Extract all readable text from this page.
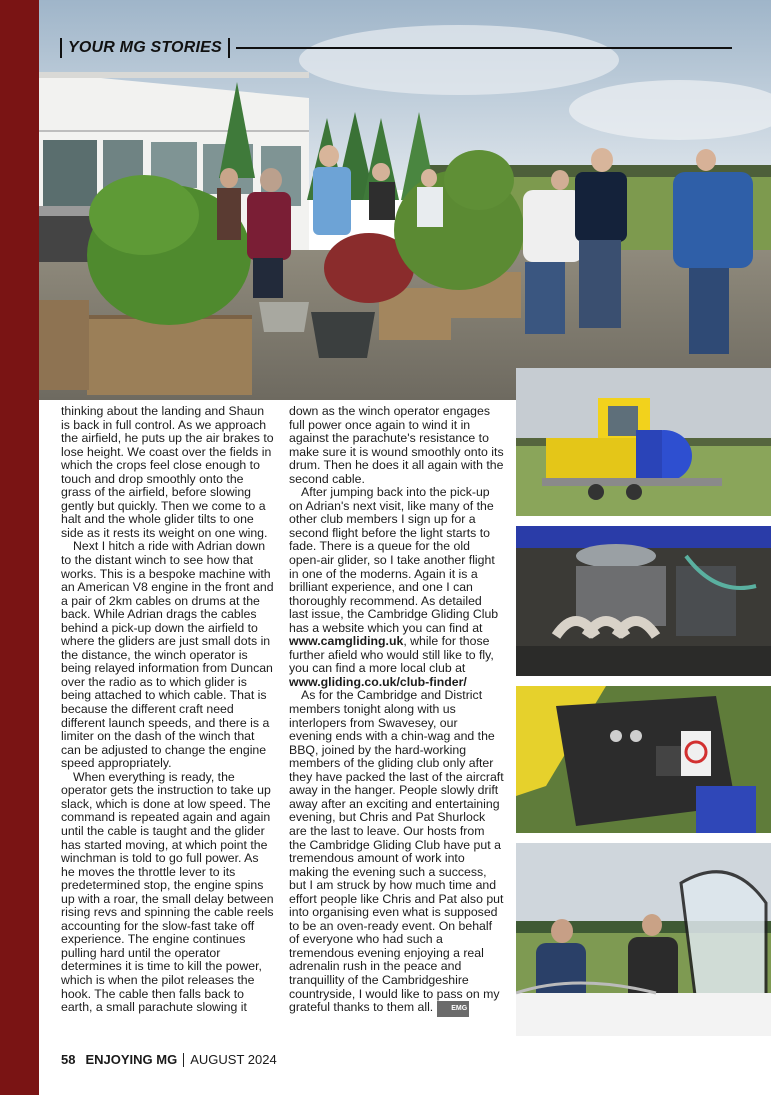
YOUR MG STORIES

thinking about the landing and Shaun is back in full control. As we approach the airfield, he puts up the air brakes to lose height. We coast over the fields in which the crops feel close enough to touch and drop smoothly onto the grass of the airfield, before slowing gently but quickly. Then we come to a halt and the whole glider tilts to one side as it rests its weight on one wing.

Next I hitch a ride with Adrian down to the distant winch to see how that works. This is a bespoke machine with an American V8 engine in the front and a pair of 2km cables on drums at the back. While Adrian drags the cables behind a pick-up down the airfield to where the gliders are just small dots in the distance, the winch operator is being relayed information from Duncan over the radio as to which glider is being attached to which cable. That is because the different craft need different launch speeds, and there is a limiter on the dash of the winch that can be adjusted to change the engine speed appropriately.

When everything is ready, the operator gets the instruction to take up slack, which is done at low speed. The command is repeated again and again until the cable is taught and the glider has started moving, at which point the winchman is told to go full power. As he moves the throttle lever to its predetermined stop, the engine spins up with a roar, the small delay between rising revs and spinning the cable reels accounting for the slow-fast take off experience. The engine continues pulling hard until the operator determines it is time to kill the power, which is when the pilot releases the hook. The cable then falls back to earth, a small parachute slowing it

down as the winch operator engages full power once again to wind it in against the parachute's resistance to make sure it is wound smoothly onto its drum. Then he does it all again with the second cable.

After jumping back into the pick-up on Adrian's next visit, like many of the other club members I sign up for a second flight before the light starts to fade. There is a queue for the old open-air glider, so I take another flight in one of the moderns. Again it is a brilliant experience, and one I can thoroughly recommend. As detailed last issue, the Cambridge Gliding Club has a website which you can find at www.camgliding.uk, while for those further afield who would still like to fly, you can find a more local club at www.gliding.co.uk/club-finder/

As for the Cambridge and District members tonight along with us interlopers from Swavesey, our evening ends with a chin-wag and the BBQ, joined by the hard-working members of the gliding club only after they have packed the last of the aircraft away in the hanger. People slowly drift away after an exciting and entertaining evening, but Chris and Pat Shurlock are the last to leave. Our hosts from the Cambridge Gliding Club have put a tremendous amount of work into making the evening such a success, but I am struck by how much time and effort people like Chris and Pat also put into organising even what is supposed to be an oven-ready event. On behalf of everyone who had such a tremendous evening enjoying a real adrenalin rush in the peace and tranquillity of the Cambridgeshire countryside, I would like to pass on my grateful thanks to them all.	EMG

58 ENJOYING MG AUGUST 2024
